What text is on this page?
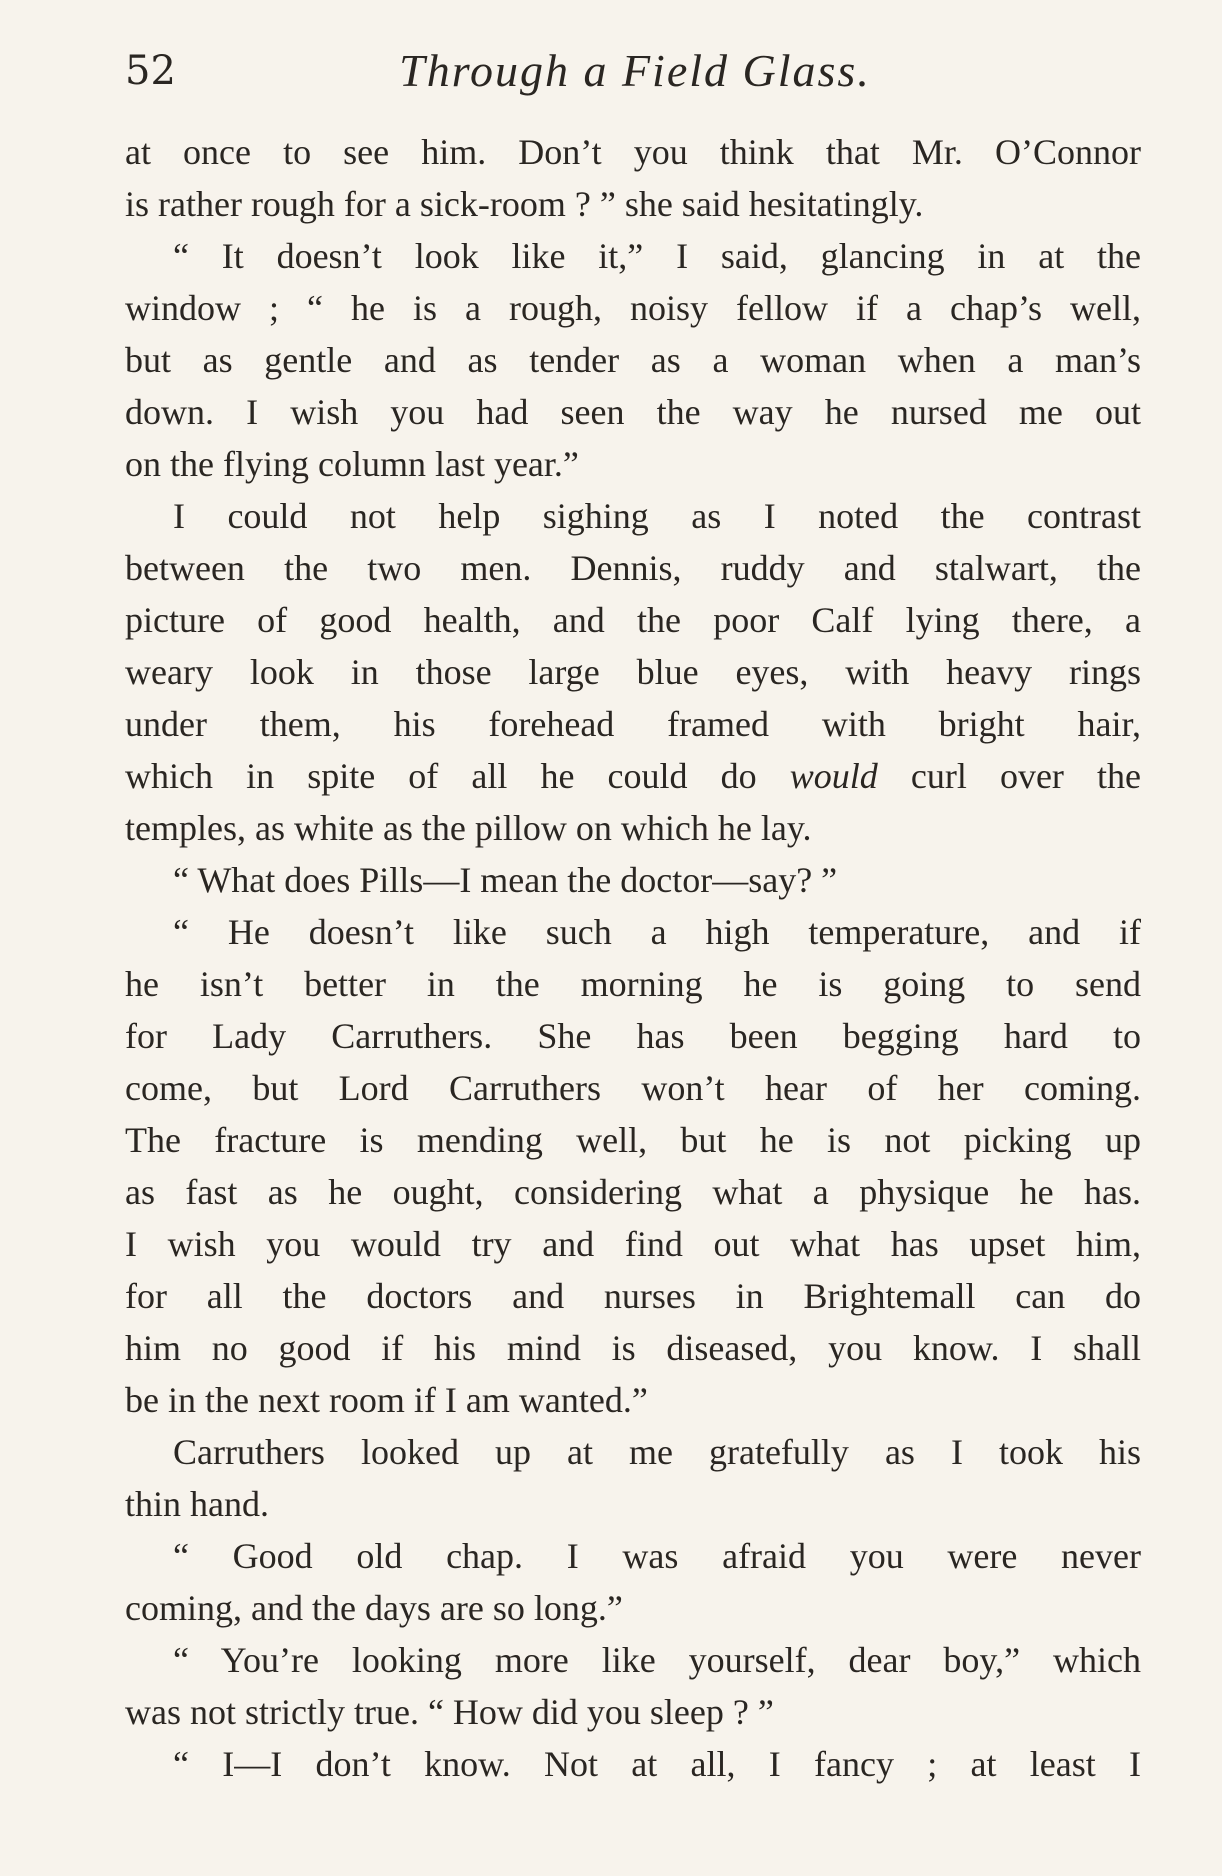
52	Through a Field Glass.
at once to see him. Don’t you think that Mr. O’Connor
is rather rough for a sick-room ? ” she said hesitatingly.
“ It doesn’t look like it,” I said, glancing in at the
window ; “ he is a rough, noisy fellow if a chap’s well,
but as gentle and as tender as a woman when a man’s
down. I wish you had seen the way he nursed me out
on the flying column last year.”
I could not help sighing as I noted the contrast
between the two men. Dennis, ruddy and stalwart, the
picture of good health, and the poor Calf lying there, a
weary look in those large blue eyes, with heavy rings
under them, his forehead framed with bright hair,
which in spite of all he could do would curl over the
temples, as white as the pillow on which he lay.
“ What does Pills—I mean the doctor—say? ”
“ He doesn’t like such a high temperature, and if
he isn’t better in the morning he is going to send
for Lady Carruthers. She has been begging hard to
come, but Lord Carruthers won’t hear of her coming.
The fracture is mending well, but he is not picking up
as fast as he ought, considering what a physique he has.
I wish you would try and find out what has upset him,
for all the doctors and nurses in Brightemall can do
him no good if his mind is diseased, you know. I shall
be in the next room if I am wanted.”
Carruthers looked up at me gratefully as I took his
thin hand.
“ Good old chap. I was afraid you were never
coming, and the days are so long.”
“ You’re looking more like yourself, dear boy,” which
was not strictly true. “ How did you sleep ? ”
“ I—I don’t know. Not at all, I fancy ; at least I
